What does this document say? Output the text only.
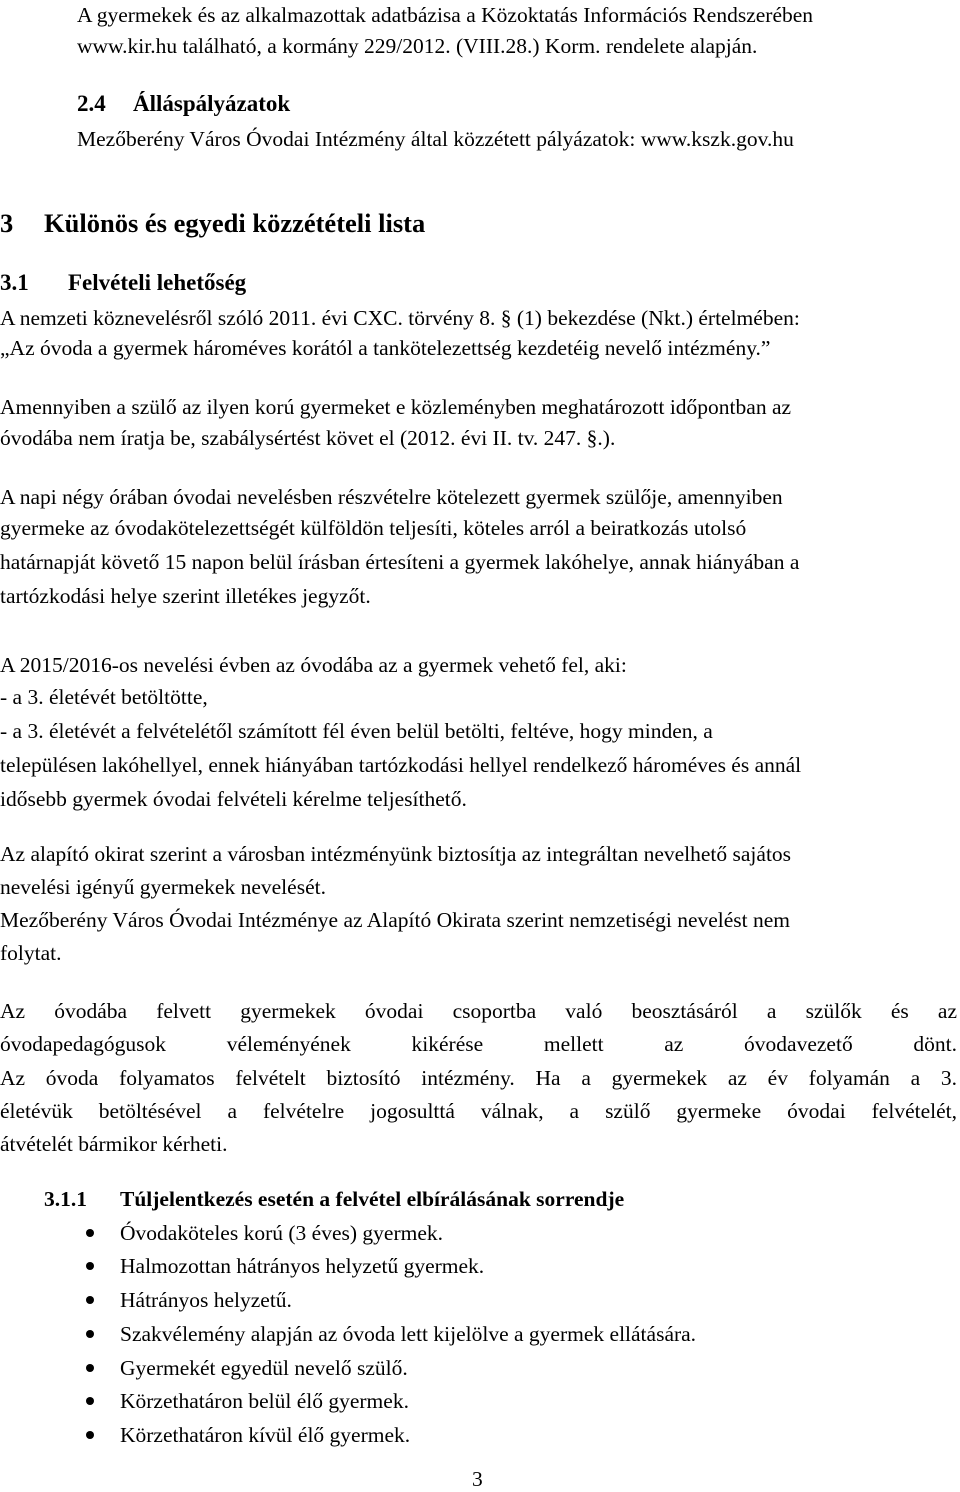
A gyermekek és az alkalmazottak adatbázisa a Közoktatás Információs Rendszerében
www.kir.hu található, a kormány 229/2012. (VIII.28.) Korm. rendelete alapján.
2.4 Álláspályázatok
Mezőberény Város Óvodai Intézmény által közzétett pályázatok: www.kszk.gov.hu
3 Különös és egyedi közzétételi lista
3.1 Felvételi lehetőség
A nemzeti köznevelésről szóló 2011. évi CXC. törvény 8. § (1) bekezdése (Nkt.) értelmében:
„Az óvoda a gyermek hároméves korától a tankötelezettség kezdetéig nevelő intézmény.”
Amennyiben a szülő az ilyen korú gyermeket e közleményben meghatározott időpontban az
óvodába nem íratja be, szabálysértést követ el (2012. évi II. tv. 247. §.).
A napi négy órában óvodai nevelésben részvételre kötelezett gyermek szülője, amennyiben
gyermeke az óvodakötelezettségét külföldön teljesíti, köteles arról a beiratkozás utolsó
határnapját követő 15 napon belül írásban értesíteni a gyermek lakóhelye, annak hiányában a
tartózkodási helye szerint illetékes jegyzőt.
A 2015/2016-os nevelési évben az óvodába az a gyermek vehető fel, aki:
- a 3. életévét betöltötte,
- a 3. életévét a felvételétől számított fél éven belül betölti, feltéve, hogy minden, a
településen lakóhellyel, ennek hiányában tartózkodási hellyel rendelkező hároméves és annál
idősebb gyermek óvodai felvételi kérelme teljesíthető.
Az alapító okirat szerint a városban intézményünk biztosítja az integráltan nevelhető sajátos
nevelési igényű gyermekek nevelését.
Mezőberény Város Óvodai Intézménye az Alapító Okirata szerint nemzetiségi nevelést nem
folytat.
Az óvodába felvett gyermekek óvodai csoportba való beosztásáról a szülők és az
óvodapedagógusok véleményének kikérése mellett az óvodavezető dönt.
Az óvoda folyamatos felvételt biztosító intézmény. Ha a gyermekek az év folyamán a 3.
életévük betöltésével a felvételre jogosulttá válnak, a szülő gyermeke óvodai felvételét,
átvételét bármikor kérheti.
3.1.1 Túljelentkezés esetén a felvétel elbírálásának sorrendje
Óvodaköteles korú (3 éves) gyermek.
Halmozottan hátrányos helyzetű gyermek.
Hátrányos helyzetű.
Szakvélemény alapján az óvoda lett kijelölve a gyermek ellátására.
Gyermekét egyedül nevelő szülő.
Körzethatáron belül élő gyermek.
Körzethatáron kívül élő gyermek.
3
